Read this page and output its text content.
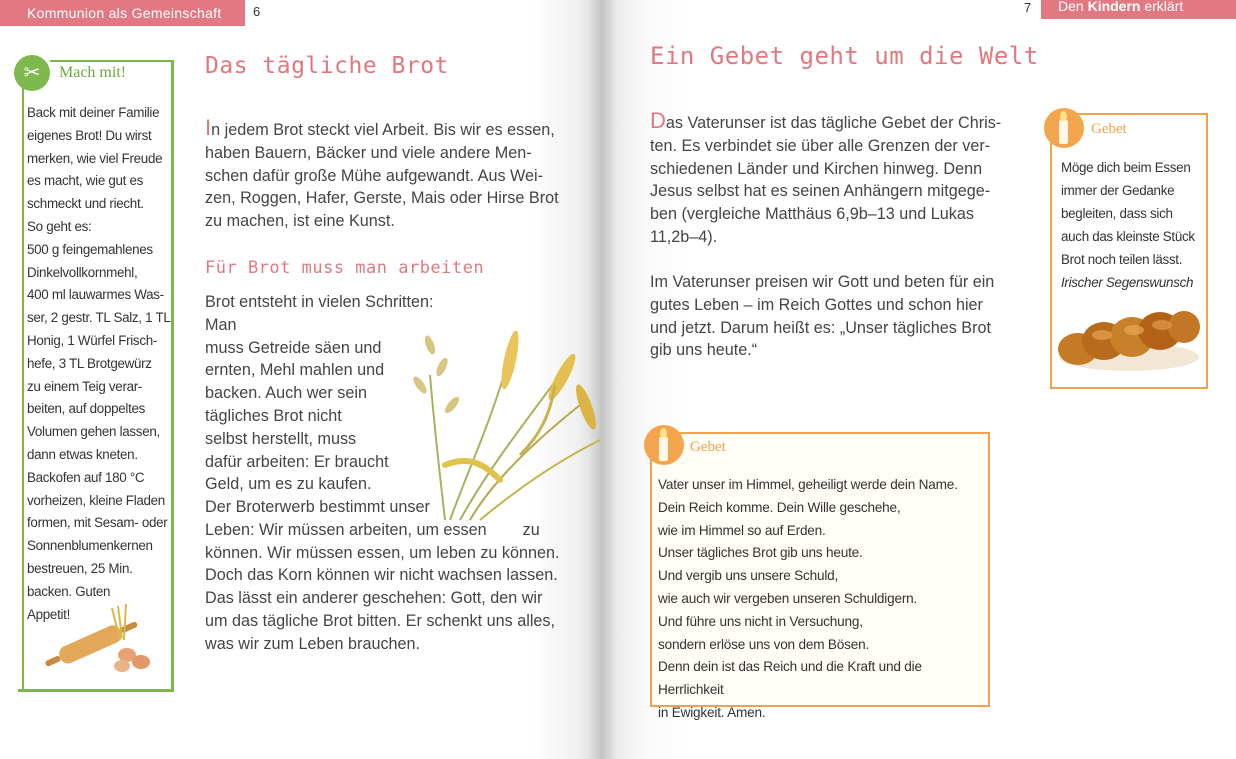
Kommunion als Gemeinschaft	6	7	Den Kindern erklärt
✂	Mach mit!

Back mit deiner Familie

eigenes Brot! Du wirst

merken, wie viel Freude

es macht, wie gut es

schmeckt und riecht.

So geht es:

500 g feingemahlenes

Dinkelvollkornmehl,

400 ml lauwarmes Was-

ser, 2 gestr. TL Salz, 1 TL

Honig, 1 Würfel Frisch-

hefe, 3 TL Brotgewürz

zu einem Teig verar-

beiten, auf doppeltes

Volumen gehen lassen,

dann etwas kneten.

Backofen auf 180 °C

vorheizen, kleine Fladen

formen, mit Sesam- oder

Sonnenblumenkernen

bestreuen, 25 Min.

backen. Guten

Appetit!

Das tägliche Brot

In jedem Brot steckt viel Arbeit. Bis wir es essen,

haben Bauern, Bäcker und viele andere Men-

schen dafür große Mühe aufgewandt. Aus Wei-

zen, Roggen, Hafer, Gerste, Mais oder Hirse Brot

zu machen, ist eine Kunst.

Für Brot muss man arbeiten

Brot entsteht in vielen Schritten: Man

muss Getreide säen und

ernten, Mehl mahlen und

backen. Auch wer sein

tägliches Brot nicht

selbst herstellt, muss

dafür arbeiten: Er braucht

Geld, um es zu kaufen.

Der Broterwerb bestimmt unser

Leben: Wir müssen arbeiten, um essen        zu

können. Wir müssen essen, um leben zu können.

Doch das Korn können wir nicht wachsen lassen.

Das lässt ein anderer geschehen: Gott, den wir

um das tägliche Brot bitten. Er schenkt uns alles,

was wir zum Leben brauchen.

Ein Gebet geht um die Welt

Das Vaterunser ist das tägliche Gebet der Chris-

ten. Es verbindet sie über alle Grenzen der ver-

schiedenen Länder und Kirchen hinweg. Denn

Jesus selbst hat es seinen Anhängern mitgege-

ben (vergleiche Matthäus 6,9b–13 und Lukas

11,2b–4).

Im Vaterunser preisen wir Gott und beten für ein

gutes Leben – im Reich Gottes und schon hier

und jetzt. Darum heißt es: „Unser tägliches Brot

gib uns heute.“

Gebet

Möge dich beim Essen

immer der Gedanke

begleiten, dass sich

auch das kleinste Stück

Brot noch teilen lässt.

Irischer Segenswunsch

Gebet

Vater unser im Himmel, geheiligt werde dein Name.

Dein Reich komme. Dein Wille geschehe,

wie im Himmel so auf Erden.

Unser tägliches Brot gib uns heute.

Und vergib uns unsere Schuld,

wie auch wir vergeben unseren Schuldigern.

Und führe uns nicht in Versuchung,

sondern erlöse uns von dem Bösen.

Denn dein ist das Reich und die Kraft und die Herrlichkeit

in Ewigkeit. Amen.
